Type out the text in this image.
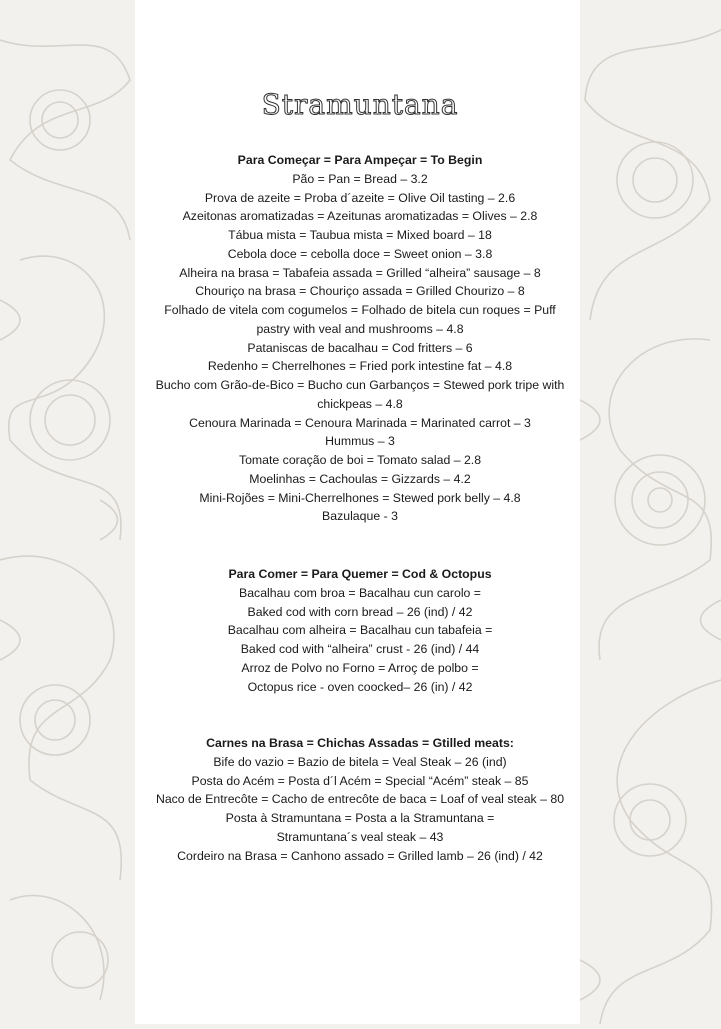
Stramuntana
Para Começar = Para Ampeçar = To Begin
Pão = Pan = Bread – 3.2
Prova de azeite = Proba d´azeite = Olive Oil tasting – 2.6
Azeitonas aromatizadas = Azeitunas aromatizadas = Olives – 2.8
Tábua mista = Taubua mista = Mixed board – 18
Cebola doce = cebolla doce = Sweet onion – 3.8
Alheira na brasa = Tabafeia assada = Grilled “alheira” sausage – 8
Chouriço na brasa = Chouriço assada = Grilled Chourizo – 8
Folhado de vitela com cogumelos = Folhado de bitela cun roques = Puff
pastry with veal and mushrooms – 4.8
Pataniscas de bacalhau = Cod fritters – 6
Redenho = Cherrelhones = Fried pork intestine fat – 4.8
Bucho com Grão-de-Bico = Bucho cun Garbanços = Stewed pork tripe with
chickpeas – 4.8
Cenoura Marinada = Cenoura Marinada = Marinated carrot – 3
Hummus – 3
Tomate coração de boi = Tomato salad – 2.8
Moelinhas = Cachoulas = Gizzards – 4.2
Mini-Rojões = Mini-Cherrelhones = Stewed pork belly – 4.8
Bazulaque - 3
Para Comer = Para Quemer = Cod & Octopus
Bacalhau com broa = Bacalhau cun carolo =
Baked cod with corn bread – 26 (ind) / 42
Bacalhau com alheira = Bacalhau cun tabafeia =
Baked cod with “alheira” crust - 26 (ind) / 44
Arroz de Polvo no Forno = Arroç de polbo =
Octopus rice - oven coocked– 26 (in) / 42
Carnes na Brasa = Chichas Assadas = Gtilled meats:
Bife do vazio = Bazio de bitela = Veal Steak – 26 (ind)
Posta do Acém = Posta d´l Acém = Special “Acém” steak – 85
Naco de Entrecôte = Cacho de entrecôte de baca = Loaf of veal steak – 80
Posta à Stramuntana = Posta a la Stramuntana =
Stramuntana´s veal steak – 43
Cordeiro na Brasa = Canhono assado = Grilled lamb – 26 (ind) / 42
